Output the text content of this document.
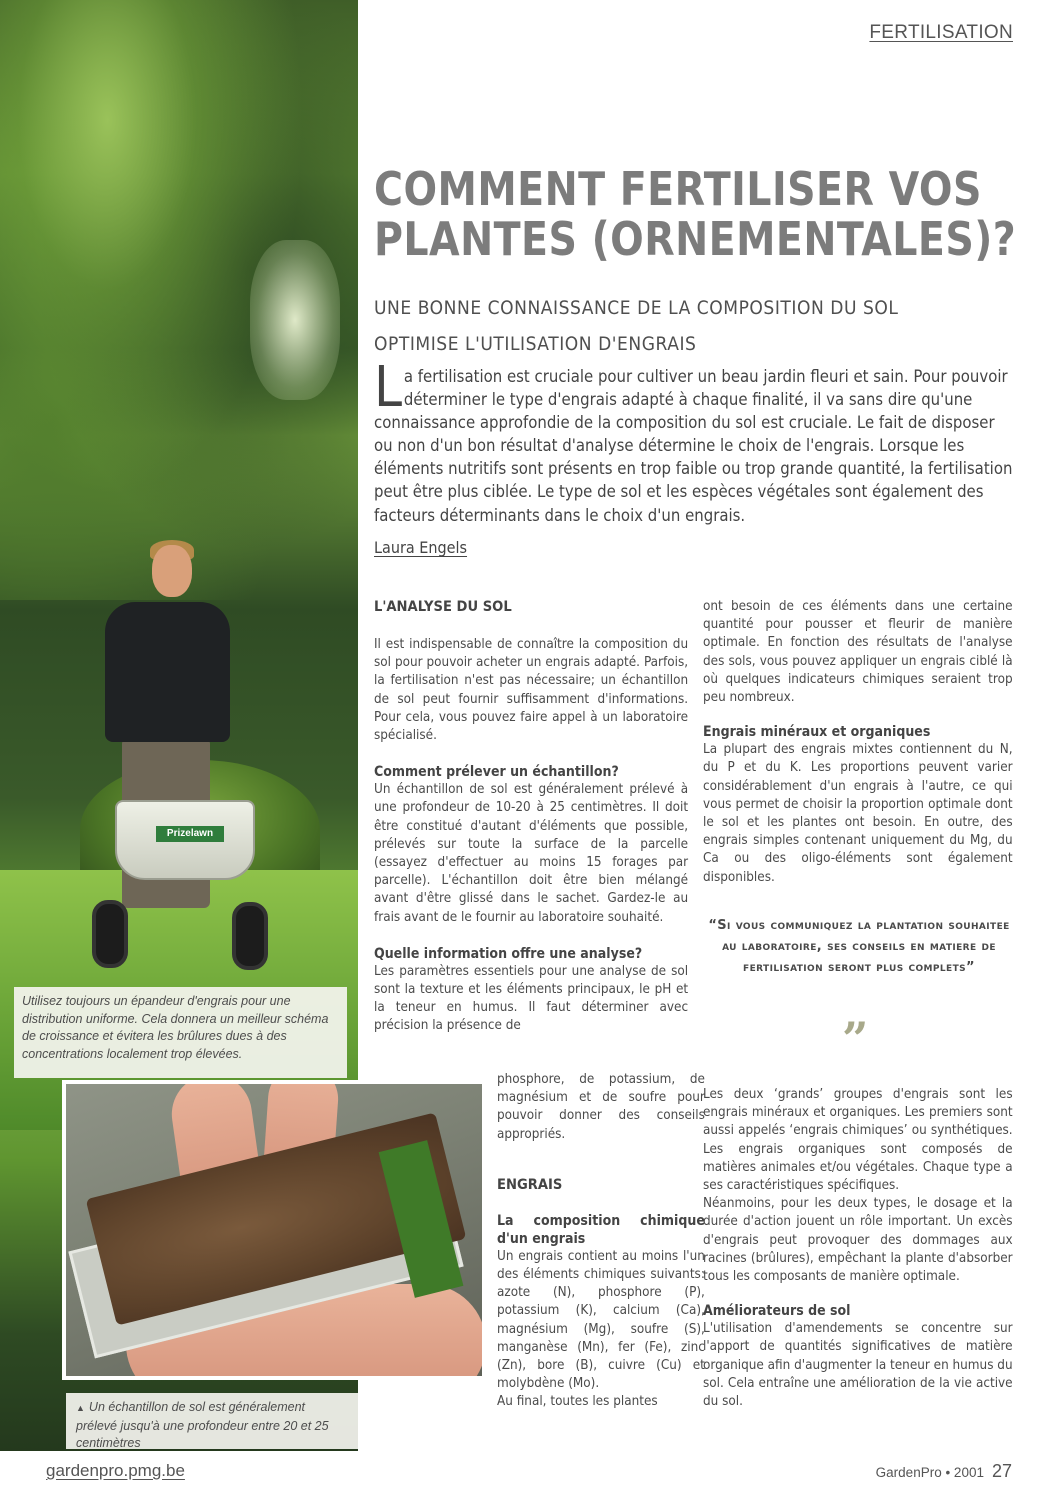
Prizelawn
Utilisez toujours un épandeur d'engrais pour une distribution uniforme. Cela donnera un meilleur schéma de croissance et évitera les brûlures dues à des concentrations localement trop élevées.
▲ Un échantillon de sol est généralement prélevé jusqu'à une profondeur entre 20 et 25 centimètres
FERTILISATION
COMMENT FERTILISER VOS
PLANTES (ORNEMENTALES)?
UNE BONNE CONNAISSANCE DE LA COMPOSITION DU SOL
OPTIMISE L'UTILISATION D'ENGRAIS
La fertilisation est cruciale pour cultiver un beau jardin fleuri et sain. Pour pouvoir déterminer le type d'engrais adapté à chaque finalité, il va sans dire qu'une connaissance approfondie de la composition du sol est cruciale. Le fait de disposer ou non d'un bon résultat d'analyse détermine le choix de l'engrais. Lorsque les éléments nutritifs sont présents en trop faible ou trop grande quantité, la fertilisation peut être plus ciblée. Le type de sol et les espèces végétales sont également des facteurs déterminants dans le choix d'un engrais.
Laura Engels
L'ANALYSE DU SOL

Il est indispensable de connaître la composition du sol pour pouvoir acheter un engrais adapté. Parfois, la fertilisation n'est pas nécessaire; un échantillon de sol peut fournir suffisamment d'informations. Pour cela, vous pouvez faire appel à un laboratoire spécialisé.

Comment prélever un échantillon?

Un échantillon de sol est généralement prélevé à une profondeur de 10-20 à 25 centimètres. Il doit être constitué d'autant d'éléments que possible, prélevés sur toute la surface de la parcelle (essayez d'effectuer au moins 15 forages par parcelle). L'échantillon doit être bien mélangé avant d'être glissé dans le sachet. Gardez-le au frais avant de le fournir au laboratoire souhaité.

Quelle information offre une analyse?

Les paramètres essentiels pour une analyse de sol sont la texture et les éléments principaux, le pH et la teneur en humus. Il faut déterminer avec précision la présence de

phosphore, de potassium, de magnésium et de soufre pour pouvoir donner des conseils appropriés.

ENGRAIS
La composition chimique d'un engrais

Un engrais contient au moins l'un des éléments chimiques suivants: azote (N), phosphore (P), potassium (K), calcium (Ca), magnésium (Mg), soufre (S), manganèse (Mn), fer (Fe), zinc (Zn), bore (B), cuivre (Cu) et molybdène (Mo).

Au final, toutes les plantes

ont besoin de ces éléments dans une certaine quantité pour pousser et fleurir de manière optimale. En fonction des résultats de l'analyse des sols, vous pouvez appliquer un engrais ciblé là où quelques indicateurs chimiques seraient trop peu nombreux.

Engrais minéraux et organiques

La plupart des engrais mixtes contiennent du N, du P et du K. Les proportions peuvent varier considérablement d'un engrais à l'autre, ce qui vous permet de choisir la proportion optimale dont le sol et les plantes ont besoin. En outre, des engrais simples contenant uniquement du Mg, du Ca ou des oligo-éléments sont également disponibles.

“Si vous communiquez la plantation souhaitee au laboratoire, ses conseils en matiere de fertilisation seront plus complets”
”

Les deux ‘grands’ groupes d'engrais sont les engrais minéraux et organiques. Les premiers sont aussi appelés ‘engrais chimiques’ ou synthétiques. Les engrais organiques sont composés de matières animales et/ou végétales. Chaque type a ses caractéristiques spécifiques.

Néanmoins, pour les deux types, le dosage et la durée d'action jouent un rôle important. Un excès d'engrais peut provoquer des dommages aux racines (brûlures), empêchant la plante d'absorber tous les composants de manière optimale.

Améliorateurs de sol

L'utilisation d'amendements se concentre sur l'apport de quantités significatives de matière organique afin d'augmenter la teneur en humus du sol. Cela entraîne une amélioration de la vie active du sol.

gardenpro.pmg.be	GardenPro • 2001 27
